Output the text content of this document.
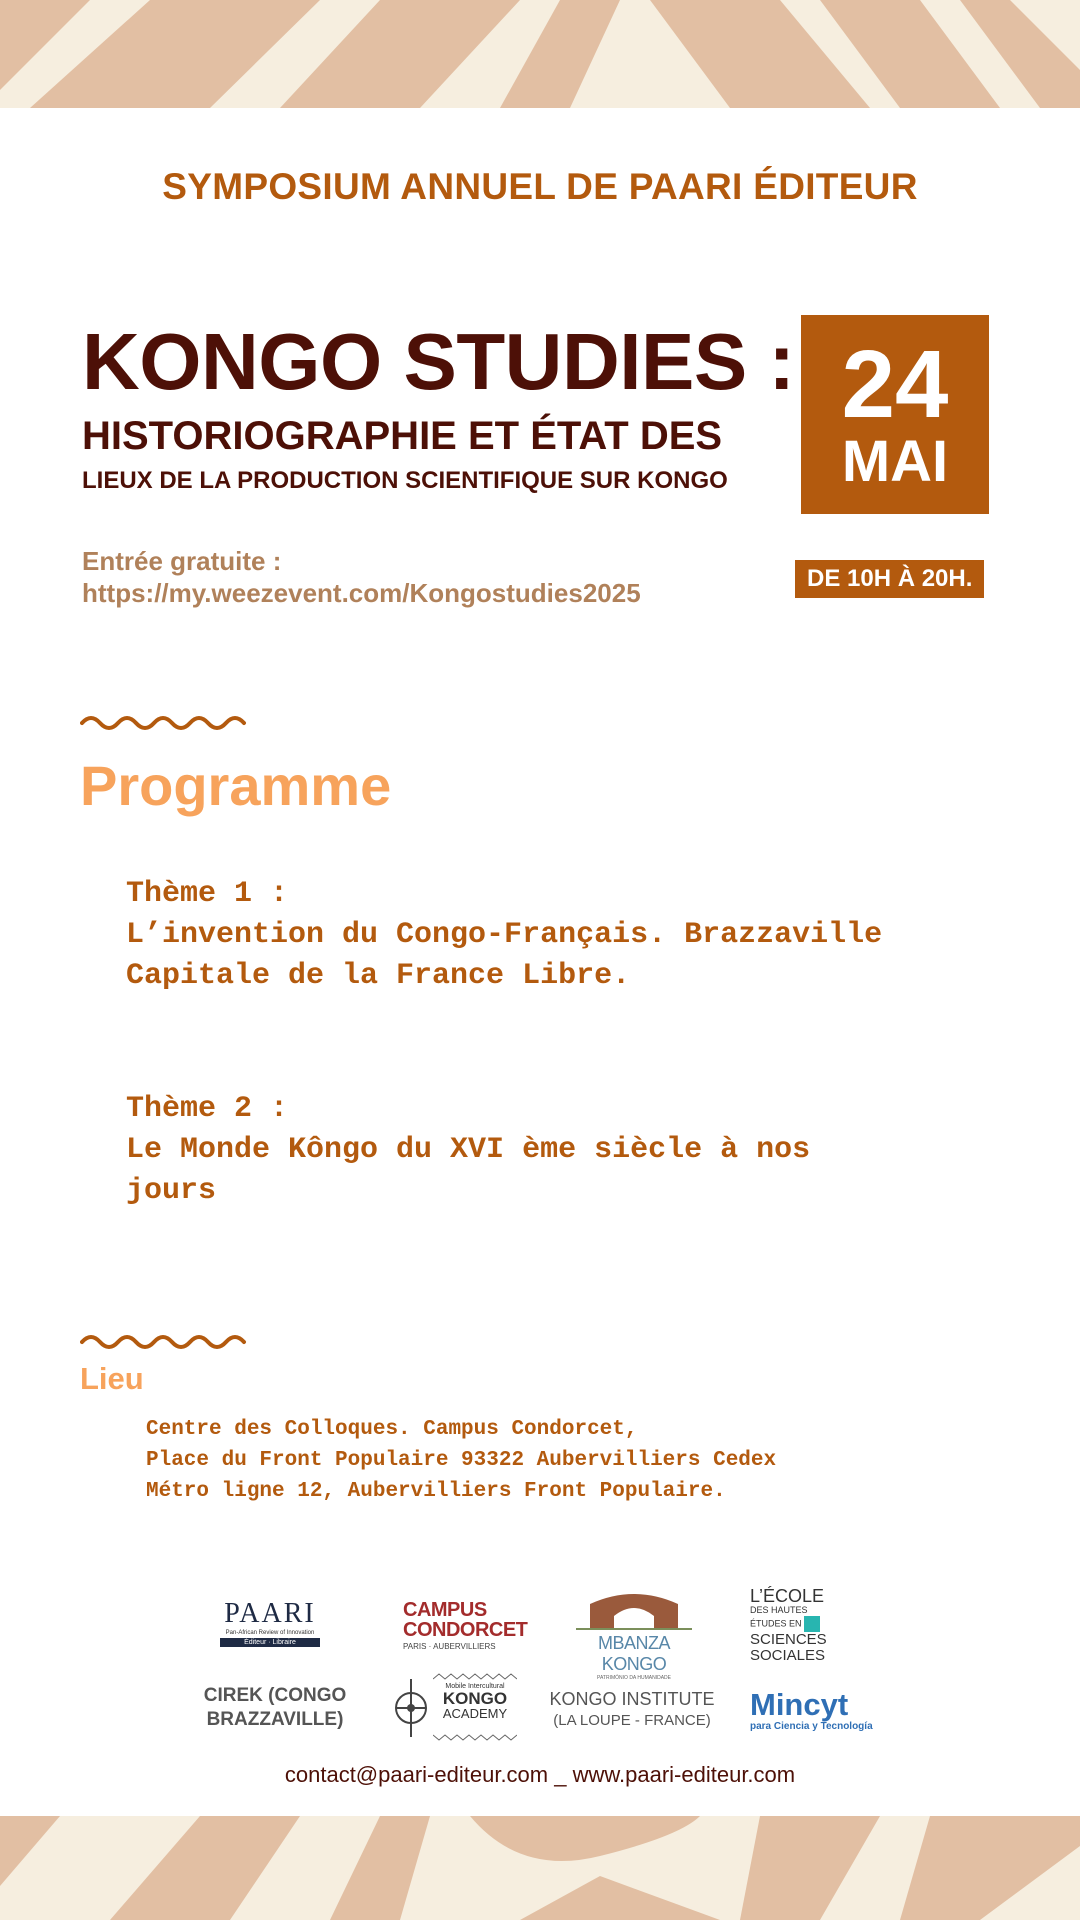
SYMPOSIUM ANNUEL DE PAARI ÉDITEUR
KONGO STUDIES :
HISTORIOGRAPHIE ET ÉTAT DES
LIEUX DE LA PRODUCTION SCIENTIFIQUE SUR KONGO
24
MAI
DE 10H À 20H.
Entrée gratuite :
https://my.weezevent.com/Kongostudies2025
Programme
Thème 1 :
L’invention du Congo-Français. Brazzaville
Capitale de la France Libre.
Thème 2 :
Le Monde Kôngo du XVI ème siècle à nos
jours
Lieu
Centre des Colloques. Campus Condorcet,
Place du Front Populaire 93322 Aubervilliers Cedex
Métro ligne 12, Aubervilliers Front Populaire.
PAARI
Pan-African Review of Innovation
Éditeur · Libraire
CAMPUS
CONDORCET
PARIS · AUBERVILLIERS	MBANZA KONGO
PATRIMÓNIO DA HUMANIDADE
L’ÉCOLE
DES HAUTES
ÉTUDES EN
SCIENCES
SOCIALES
CIREK (CONGO
BRAZZAVILLE)
Mobile Intercultural
KONGO
ACADEMY
KONGO INSTITUTE
(LA LOUPE - FRANCE) Mincyt
para Ciencia y Tecnología
contact@paari-editeur.com _ www.paari-editeur.com
